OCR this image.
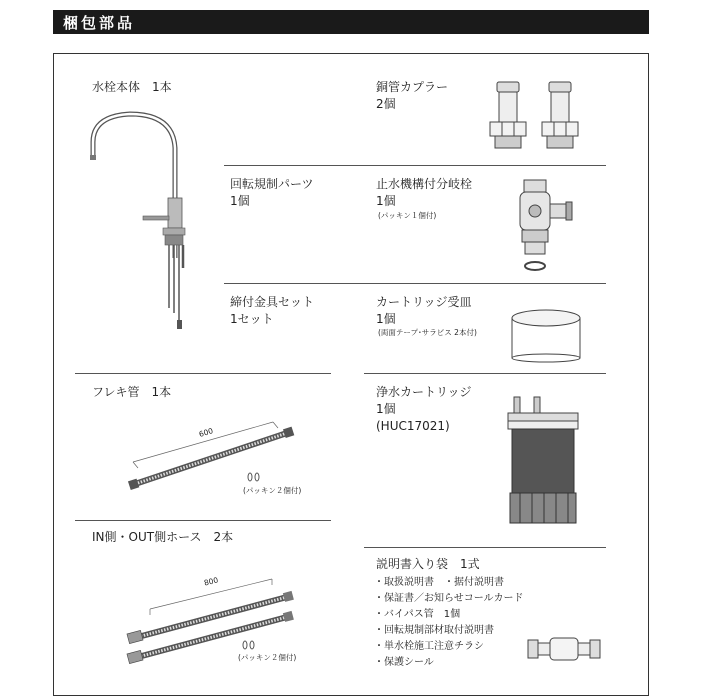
梱包部品
水栓本体　1本
回転規制パーツ
1個
締付金具セット
1セット
フレキ管　1本
IN側・OUT側ホース　2本
銅管カプラー
2個
止水機構付分岐栓
1個
(パッキン１個付)
カートリッジ受皿
1個
(両面テープ･サラビス 2本付)
浄水カートリッジ
1個
(HUC17021)
説明書入り袋　1式
・取扱説明書　・据付説明書
・保証書／お知らせコールカード
・バイパス管　1個
・回転規制部材取付説明書
・単水栓施工注意チラシ
・保護シール
600
(パッキン２個付)
800
(パッキン２個付)
